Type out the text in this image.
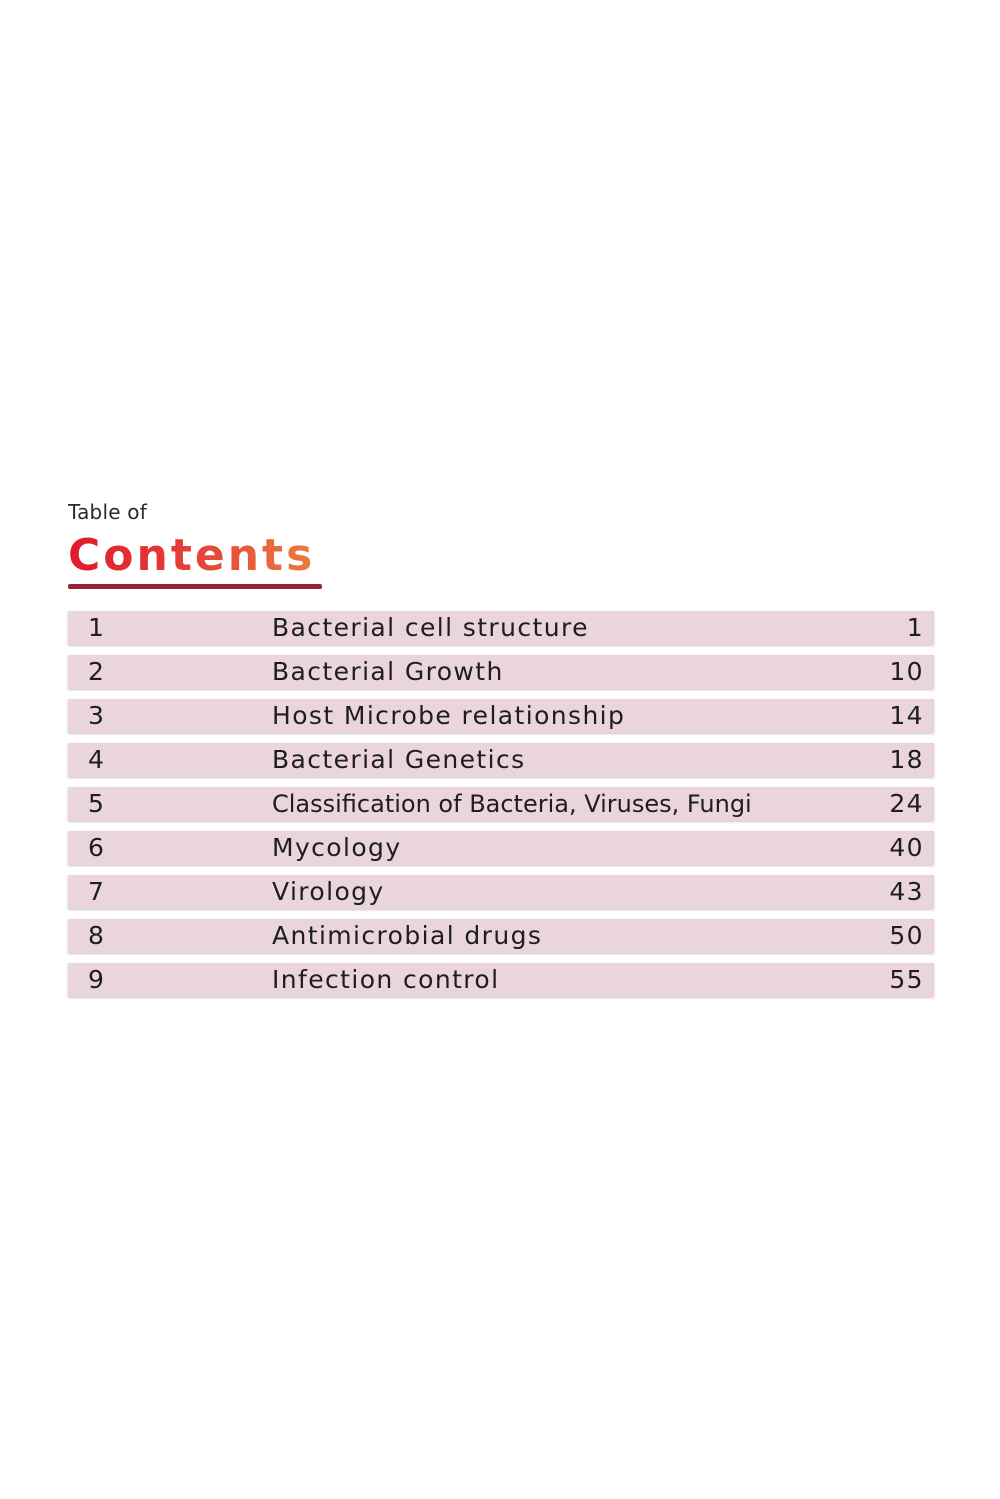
Table of
Contents
1	Bacterial cell structure	1
2	Bacterial Growth	10
3	Host Microbe relationship	14
4	Bacterial Genetics	18
5	Classification of Bacteria, Viruses, Fungi	24
6	Mycology	40
7	Virology	43
8	Antimicrobial drugs	50
9	Infection control	55
